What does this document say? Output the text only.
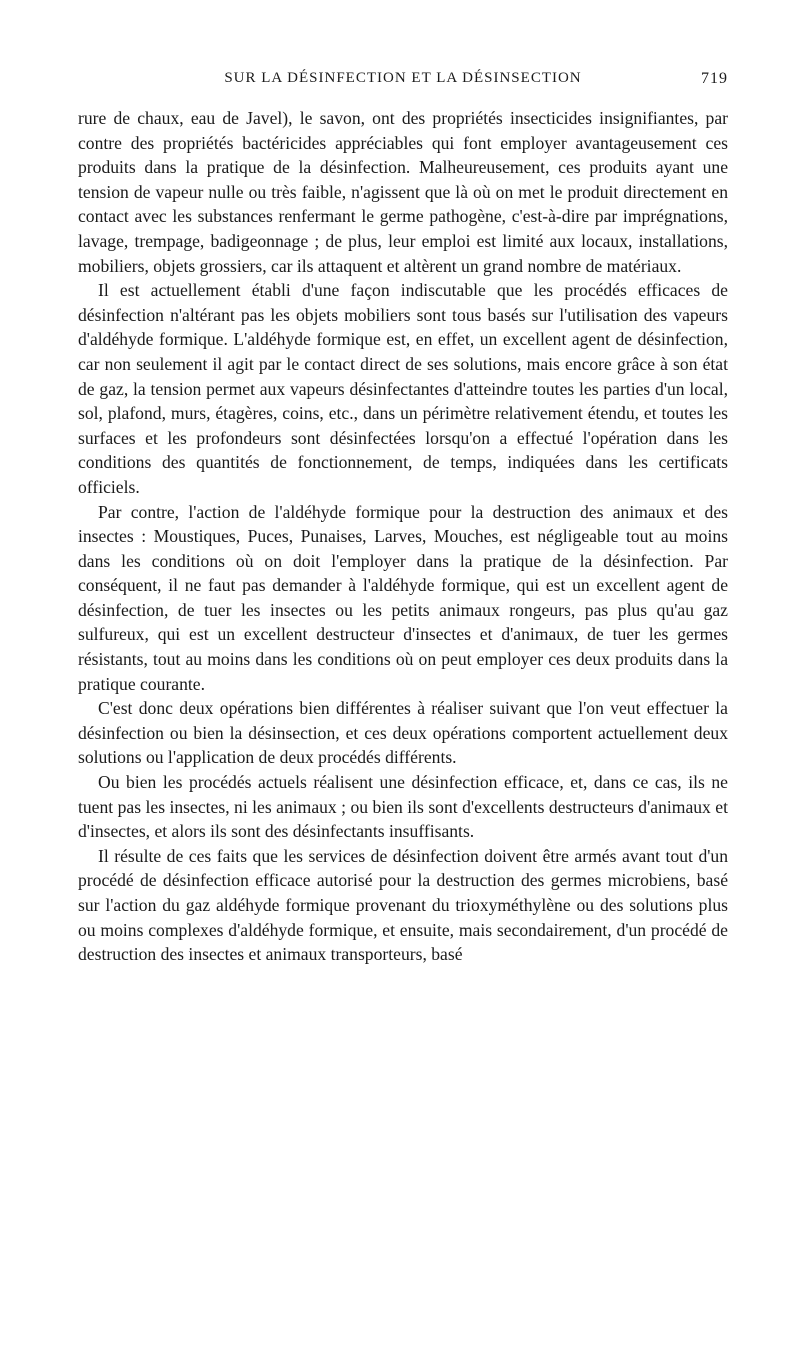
SUR LA DÉSINFECTION ET LA DÉSINSECTION	719

rure de chaux, eau de Javel), le savon, ont des propriétés insecticides insignifiantes, par contre des propriétés bactéricides appréciables qui font employer avantageusement ces produits dans la pratique de la désinfection. Malheureusement, ces produits ayant une tension de vapeur nulle ou très faible, n'agissent que là où on met le produit directement en contact avec les substances renfermant le germe pathogène, c'est-à-dire par imprégnations, lavage, trempage, badigeonnage ; de plus, leur emploi est limité aux locaux, installations, mobiliers, objets grossiers, car ils attaquent et altèrent un grand nombre de matériaux.

Il est actuellement établi d'une façon indiscutable que les procédés efficaces de désinfection n'altérant pas les objets mobiliers sont tous basés sur l'utilisation des vapeurs d'aldéhyde formique. L'aldéhyde formique est, en effet, un excellent agent de désinfection, car non seulement il agit par le contact direct de ses solutions, mais encore grâce à son état de gaz, la tension permet aux vapeurs désinfectantes d'atteindre toutes les parties d'un local, sol, plafond, murs, étagères, coins, etc., dans un périmètre relativement étendu, et toutes les surfaces et les profondeurs sont désinfectées lorsqu'on a effectué l'opération dans les conditions des quantités de fonctionnement, de temps, indiquées dans les certificats officiels.

Par contre, l'action de l'aldéhyde formique pour la destruction des animaux et des insectes : Moustiques, Puces, Punaises, Larves, Mouches, est négligeable tout au moins dans les conditions où on doit l'employer dans la pratique de la désinfection. Par conséquent, il ne faut pas demander à l'aldéhyde formique, qui est un excellent agent de désinfection, de tuer les insectes ou les petits animaux rongeurs, pas plus qu'au gaz sulfureux, qui est un excellent destructeur d'insectes et d'animaux, de tuer les germes résistants, tout au moins dans les conditions où on peut employer ces deux produits dans la pratique courante.

C'est donc deux opérations bien différentes à réaliser suivant que l'on veut effectuer la désinfection ou bien la désinsection, et ces deux opérations comportent actuellement deux solutions ou l'application de deux procédés différents.

Ou bien les procédés actuels réalisent une désinfection efficace, et, dans ce cas, ils ne tuent pas les insectes, ni les animaux ; ou bien ils sont d'excellents destructeurs d'animaux et d'insectes, et alors ils sont des désinfectants insuffisants.

Il résulte de ces faits que les services de désinfection doivent être armés avant tout d'un procédé de désinfection efficace autorisé pour la destruction des germes microbiens, basé sur l'action du gaz aldéhyde formique provenant du trioxyméthylène ou des solutions plus ou moins complexes d'aldéhyde formique, et ensuite, mais secondairement, d'un procédé de destruction des insectes et animaux transporteurs, basé
